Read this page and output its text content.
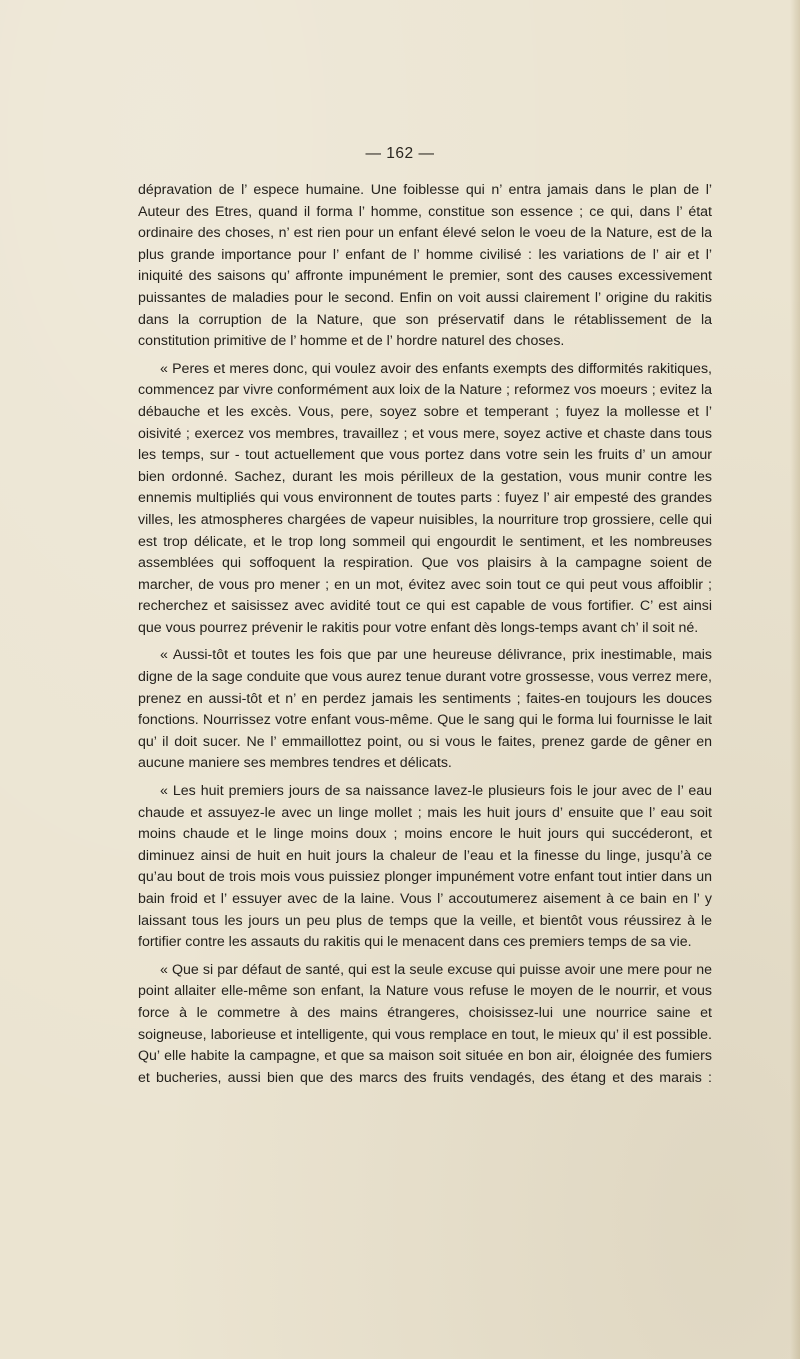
— 162 —

dépravation de l’ espece humaine. Une foiblesse qui n’ entra jamais dans le plan de l’ Auteur des Etres, quand il forma l’ homme, constitue son essence ; ce qui, dans l’ état ordinaire des choses, n’ est rien pour un enfant élevé selon le voeu de la Nature, est de la plus grande importance pour l’ enfant de l’ homme civilisé : les variations de l’ air et l’ iniquité des saisons qu’ affronte impunément le premier, sont des causes excessivement puissantes de maladies pour le second. Enfin on voit aussi clairement l’ origine du rakitis dans la corruption de la Nature, que son préservatif dans le rétablissement de la constitution primitive de l’ homme et de l’ hordre naturel des choses.

« Peres et meres donc, qui voulez avoir des enfants exempts des difformités rakitiques, commencez par vivre conformément aux loix de la Nature ; reformez vos moeurs ; evitez la débauche et les excès. Vous, pere, soyez sobre et temperant ; fuyez la mollesse et l’ oisivité ; exercez vos membres, travaillez ; et vous mere, soyez active et chaste dans tous les temps, sur - tout actuellement que vous portez dans votre sein les fruits d’ un amour bien ordonné. Sachez, durant les mois périlleux de la gestation, vous munir contre les ennemis multipliés qui vous environnent de toutes parts : fuyez l’ air empesté des grandes villes, les atmospheres chargées de vapeur nuisibles, la nourriture trop grossiere, celle qui est trop délicate, et le trop long sommeil qui engourdit le sentiment, et les nombreuses assemblées qui soffoquent la respiration. Que vos plaisirs à la campagne soient de marcher, de vous pro mener ; en un mot, évitez avec soin tout ce qui peut vous affoiblir ; recherchez et saisissez avec avidité tout ce qui est capable de vous fortifier. C’ est ainsi que vous pourrez prévenir le rakitis pour votre enfant dès longs-temps avant ch’ il soit né.

« Aussi-tôt et toutes les fois que par une heureuse délivrance, prix inestimable, mais digne de la sage conduite que vous aurez tenue durant votre grossesse, vous verrez mere, prenez en aussi-tôt et n’ en perdez jamais les sentiments ; faites-en toujours les douces fonctions. Nourrissez votre enfant vous-même. Que le sang qui le forma lui fournisse le lait qu’ il doit sucer. Ne l’ emmaillottez point, ou si vous le faites, prenez garde de gêner en aucune maniere ses membres tendres et délicats.

« Les huit premiers jours de sa naissance lavez-le plusieurs fois le jour avec de l’ eau chaude et assuyez-le avec un linge mollet ; mais les huit jours d’ ensuite que l’ eau soit moins chaude et le linge moins doux ; moins encore le huit jours qui succéderont, et diminuez ainsi de huit en huit jours la chaleur de l’eau et la finesse du linge, jusqu’à ce qu’au bout de trois mois vous puissiez plonger impunément votre enfant tout intier dans un bain froid et l’ essuyer avec de la laine. Vous l’ accoutumerez aisement à ce bain en l’ y laissant tous les jours un peu plus de temps que la veille, et bientôt vous réussirez à le fortifier contre les assauts du rakitis qui le menacent dans ces premiers temps de sa vie.

« Que si par défaut de santé, qui est la seule excuse qui puisse avoir une mere pour ne point allaiter elle-même son enfant, la Nature vous refuse le moyen de le nourrir, et vous force à le commetre à des mains étrangeres, choisissez-lui une nourrice saine et soigneuse, laborieuse et intelligente, qui vous remplace en tout, le mieux qu’ il est possible. Qu’ elle habite la campagne, et que sa maison soit située en bon air, éloignée des fumiers et bucheries, aussi bien que des marcs des fruits vendagés, des étang et des marais :
